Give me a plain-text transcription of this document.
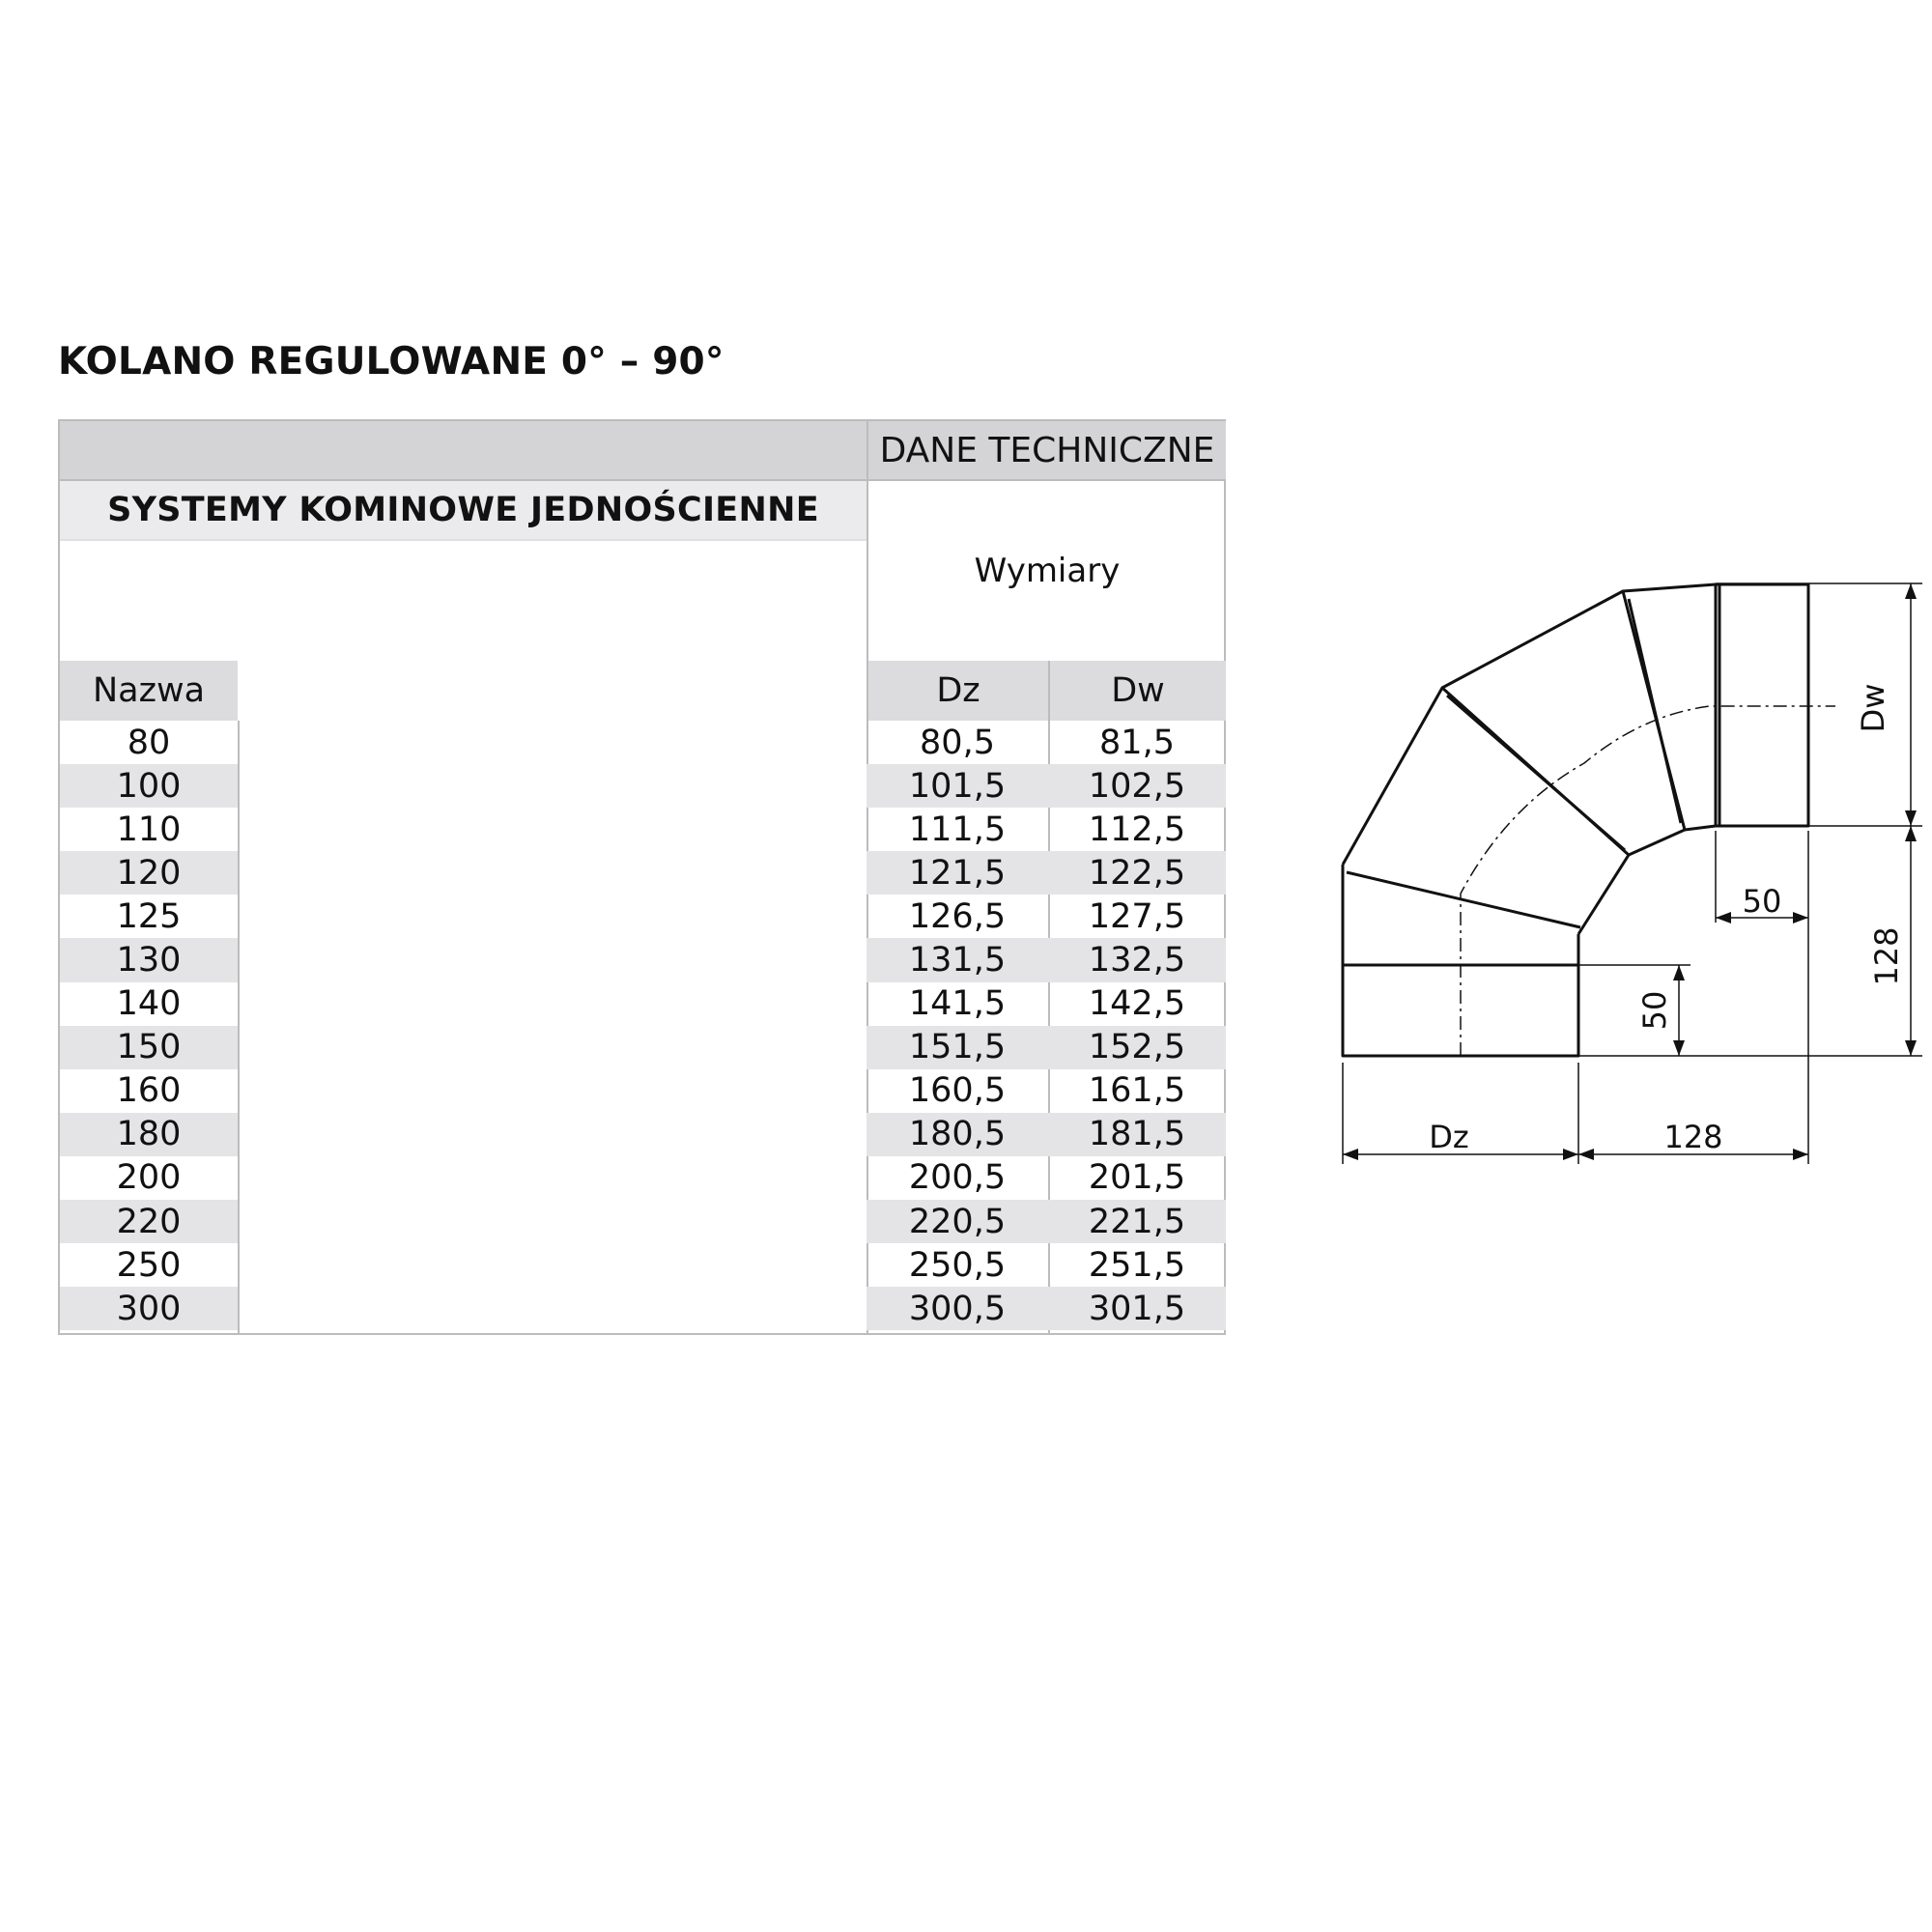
KOLANO REGULOWANE 0° – 90°
DANE TECHNICZNE
SYSTEMY KOMINOWE JEDNOŚCIENNE
Wymiary
Nazwa	Dz	Dw
80	80,5	81,5
100	101,5	102,5
110	111,5	112,5
120	121,5	122,5
125	126,5	127,5
130	131,5	132,5
140	141,5	142,5
150	151,5	152,5
160	160,5	161,5
180	180,5	181,5
200	200,5	201,5
220	220,5	221,5
250	250,5	251,5
300	300,5	301,5
Dw
128
50
50
Dz	128
